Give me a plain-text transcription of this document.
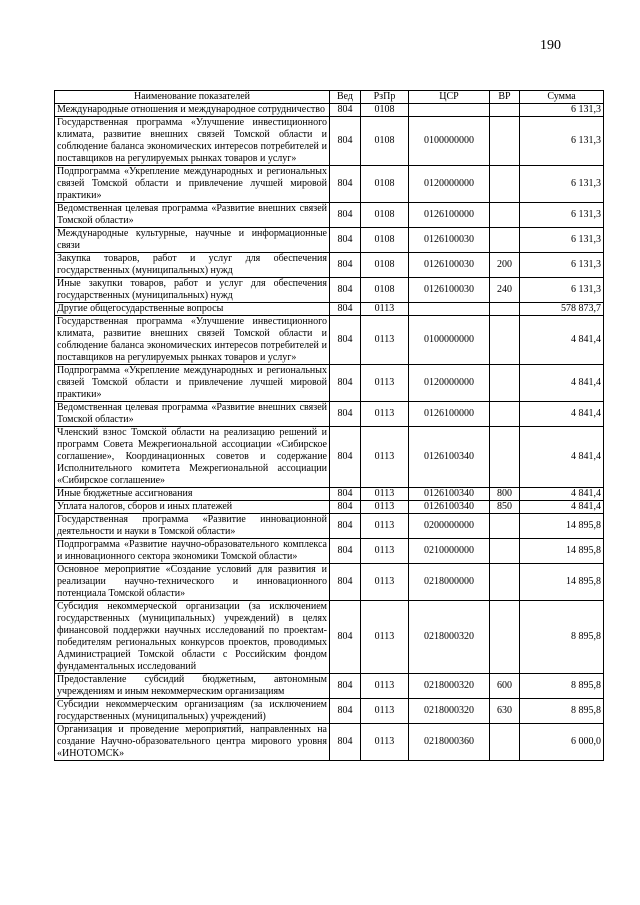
190
Наименование показателей	Вед	РзПр	ЦСР	ВР	Сумма
Международные отношения и международное сотрудничество	804	0108			6 131,3
Государственная программа «Улучшение инвестиционного климата, развитие внешних связей Томской области и соблюдение баланса экономических интересов потребителей и поставщиков на регулируемых рынках товаров и услуг»	804	0108	0100000000		6 131,3
Подпрограмма «Укрепление международных и региональных связей Томской области и привлечение лучшей мировой практики»	804	0108	0120000000		6 131,3
Ведомственная целевая программа «Развитие внешних связей Томской области»	804	0108	0126100000		6 131,3
Международные культурные, научные и информационные связи	804	0108	0126100030		6 131,3
Закупка товаров, работ и услуг для обеспечения государственных (муниципальных) нужд	804	0108	0126100030	200	6 131,3
Иные закупки товаров, работ и услуг для обеспечения государственных (муниципальных) нужд	804	0108	0126100030	240	6 131,3
Другие общегосударственные вопросы	804	0113			578 873,7
Государственная программа «Улучшение инвестиционного климата, развитие внешних связей Томской области и соблюдение баланса экономических интересов потребителей и поставщиков на регулируемых рынках товаров и услуг»	804	0113	0100000000		4 841,4
Подпрограмма «Укрепление международных и региональных связей Томской области и привлечение лучшей мировой практики»	804	0113	0120000000		4 841,4
Ведомственная целевая программа «Развитие внешних связей Томской области»	804	0113	0126100000		4 841,4
Членский взнос Томской области на реализацию решений и программ Совета Межрегиональной ассоциации «Сибирское соглашение», Координационных советов и содержание Исполнительного комитета Межрегиональной ассоциации «Сибирское соглашение»	804	0113	0126100340		4 841,4
Иные бюджетные ассигнования	804	0113	0126100340	800	4 841,4
Уплата налогов, сборов и иных платежей	804	0113	0126100340	850	4 841,4
Государственная программа «Развитие инновационной деятельности и науки в Томской области»	804	0113	0200000000		14 895,8
Подпрограмма «Развитие научно-образовательного комплекса и инновационного сектора экономики Томской области»	804	0113	0210000000		14 895,8
Основное мероприятие «Создание условий для развития и реализации научно-технического и инновационного потенциала Томской области»	804	0113	0218000000		14 895,8
Субсидия некоммерческой организации (за исключением государственных (муниципальных) учреждений) в целях финансовой поддержки научных исследований по проектам-победителям региональных конкурсов проектов, проводимых Администрацией Томской области с Российским фондом фундаментальных исследований	804	0113	0218000320		8 895,8
Предоставление субсидий бюджетным, автономным учреждениям и иным некоммерческим организациям	804	0113	0218000320	600	8 895,8
Субсидии некоммерческим организациям (за исключением государственных (муниципальных) учреждений)	804	0113	0218000320	630	8 895,8
Организация и проведение мероприятий, направленных на создание Научно-образовательного центра мирового уровня «ИНОТОМСК»	804	0113	0218000360		6 000,0
